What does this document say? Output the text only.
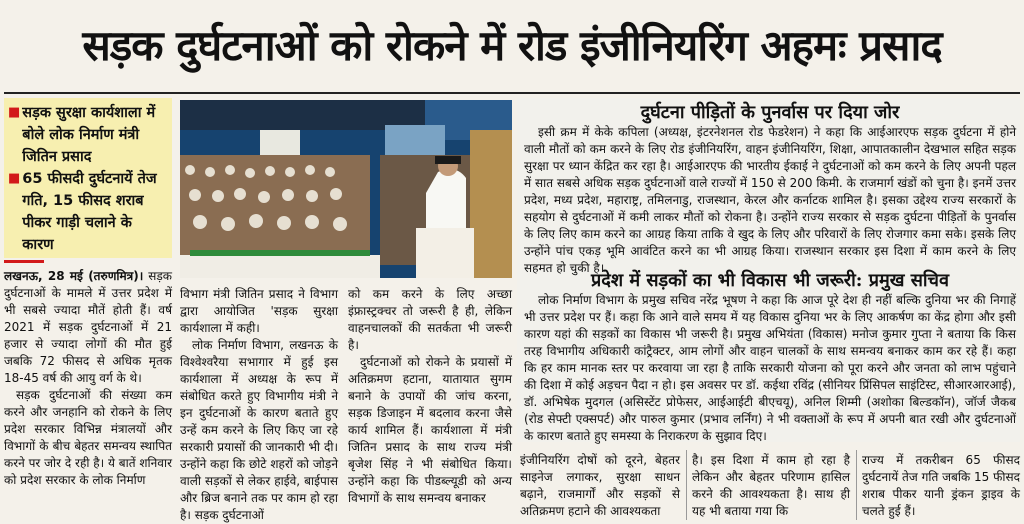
सड़क दुर्घटनाओं को रोकने में रोड इंजीनियरिंग अहमः प्रसाद
■ सड़क सुरक्षा कार्यशाला में बोले लोक निर्माण मंत्री जितिन प्रसाद
■ 65 फीसदी दुर्घटनायें तेज गति, 15 फीसद शराब पीकर गाड़ी चलाने के कारण

लखनऊ, 28 मई (तरुणमित्र)। सड़क दुर्घटनाओं के मामले में उत्तर प्रदेश में भी सबसे ज्यादा मौतें होती हैं। वर्ष 2021 में सड़क दुर्घटनाओं में 21 हजार से ज्यादा लोगों की मौत हुई जबकि 72 फीसद से अधिक मृतक 18-45 वर्ष की आयु वर्ग के थे।

सड़क दुर्घटनाओं की संख्या कम करने और जनहानि को रोकने के लिए प्रदेश सरकार विभिन्न मंत्रालयों और विभागों के बीच बेहतर समन्वय स्थापित करने पर जोर दे रही है। ये बातें शनिवार को प्रदेश सरकार के लोक निर्माण

विभाग मंत्री जितिन प्रसाद ने विभाग द्वारा आयोजित 'सड़क सुरक्षा कार्यशाला में कही।

लोक निर्माण विभाग, लखनऊ के विश्वेश्वरैया सभागार में हुई इस कार्यशाला में अध्यक्ष के रूप में संबोधित करते हुए विभागीय मंत्री ने इन दुर्घटनाओं के कारण बताते हुए उन्हें कम करने के लिए किए जा रहे सरकारी प्रयासों की जानकारी भी दी। उन्होंने कहा कि छोटे शहरों को जोड़ने वाली सड़कों से लेकर हाईवे, बाईपास और ब्रिज बनाने तक पर काम हो रहा है। सड़क दुर्घटनाओं

को कम करने के लिए अच्छा इंफ्रास्ट्रक्चर तो जरूरी है ही, लेकिन वाहनचालकों की सतर्कता भी जरूरी है।

दुर्घटनाओं को रोकने के प्रयासों में अतिक्रमण हटाना, यातायात सुगम बनाने के उपायों की जांच करना, सड़क डिजाइन में बदलाव करना जैसे कार्य शामिल हैं। कार्यशाला में मंत्री जितिन प्रसाद के साथ राज्य मंत्री बृजेश सिंह ने भी संबोधित किया। उन्होंने कहा कि पीडब्ल्यूडी को अन्य विभागों के साथ समन्वय बनाकर

दुर्घटना पीड़ितों के पुनर्वास पर दिया जोर
इसी क्रम में केके कपिला (अध्यक्ष, इंटरनेशनल रोड फेडरेशन) ने कहा कि आईआरएफ सड़क दुर्घटना में होने वाली मौतों को कम करने के लिए रोड इंजीनियरिंग, वाहन इंजीनियरिंग, शिक्षा, आपातकालीन देखभाल सहित सड़क सुरक्षा पर ध्यान केंद्रित कर रहा है। आईआरएफ की भारतीय ईकाई ने दुर्घटनाओं को कम करने के लिए अपनी पहल में सात सबसे अधिक सड़क दुर्घटनाओं वाले राज्यों में 150 से 200 किमी. के राजमार्ग खंडों को चुना है। इनमें उत्तर प्रदेश, मध्य प्रदेश, महाराष्ट्र, तमिलनाडु, राजस्थान, केरल और कर्नाटक शामिल है। इसका उद्देश्य राज्य सरकारों के सहयोग से दुर्घटनाओं में कमी लाकर मौतों को रोकना है। उन्होंने राज्य सरकार से सड़क दुर्घटना पीड़ितों के पुनर्वास के लिए लिए काम करने का आग्रह किया ताकि वे खुद के लिए और परिवारों के लिए रोजगार कमा सके। इसके लिए उन्होंने पांच एकड़ भूमि आवंटित करने का भी आग्रह किया। राजस्थान सरकार इस दिशा में काम करने के लिए सहमत हो चुकी है।
प्रदेश में सड़कों का भी विकास भी जरूरी: प्रमुख सचिव
लोक निर्माण विभाग के प्रमुख सचिव नरेंद्र भूषण ने कहा कि आज पूरे देश ही नहीं बल्कि दुनिया भर की निगाहें भी उत्तर प्रदेश पर हैं। कहा कि आने वाले समय में यह विकास दुनिया भर के लिए आकर्षण का केंद्र होगा और इसी कारण यहां की सड़कों का विकास भी जरूरी है। प्रमुख अभियंता (विकास) मनोज कुमार गुप्ता ने बताया कि किस तरह विभागीय अधिकारी कांट्रैक्टर, आम लोगों और वाहन चालकों के साथ समन्वय बनाकर काम कर रहे हैं। कहा कि हर काम मानक स्तर पर करवाया जा रहा है ताकि सरकारी योजना को पूरा करने और जनता को लाभ पहुंचाने की दिशा में कोई अड़चन पैदा न हो। इस अवसर पर डॉ. कईथा रविंद्र (सीनियर प्रिंसिपल साइंटिस्ट, सीआरआरआई), डॉ. अभिषेक मुदगल (असिस्टेंट प्रोफेसर, आईआईटी बीएचयू), अनिल शिम्मी (अशोका बिल्डकॉन), जॉर्ज जैकब (रोड सेफ्टी एक्सपर्ट) और पारुल कुमार (प्रभाव लर्निंग) ने भी वक्ताओं के रूप में अपनी बात रखी और दुर्घटनाओं के कारण बताते हुए समस्या के निराकरण के सुझाव दिए।

इंजीनियरिंग दोषों को दूरने, बेहतर साइनेज लगाकर, सुरक्षा साधन बढ़ाने, राजमार्गों और सड़कों से अतिक्रमण हटाने की आवश्यकता

है। इस दिशा में काम हो रहा है लेकिन और बेहतर परिणाम हासिल करने की आवश्यकता है। साथ ही यह भी बताया गया कि

राज्य में तकरीबन 65 फीसद दुर्घटनायें तेज गति जबकि 15 फीसद शराब पीकर यानी ड्रंकन ड्राइव के चलते हुई हैं।
